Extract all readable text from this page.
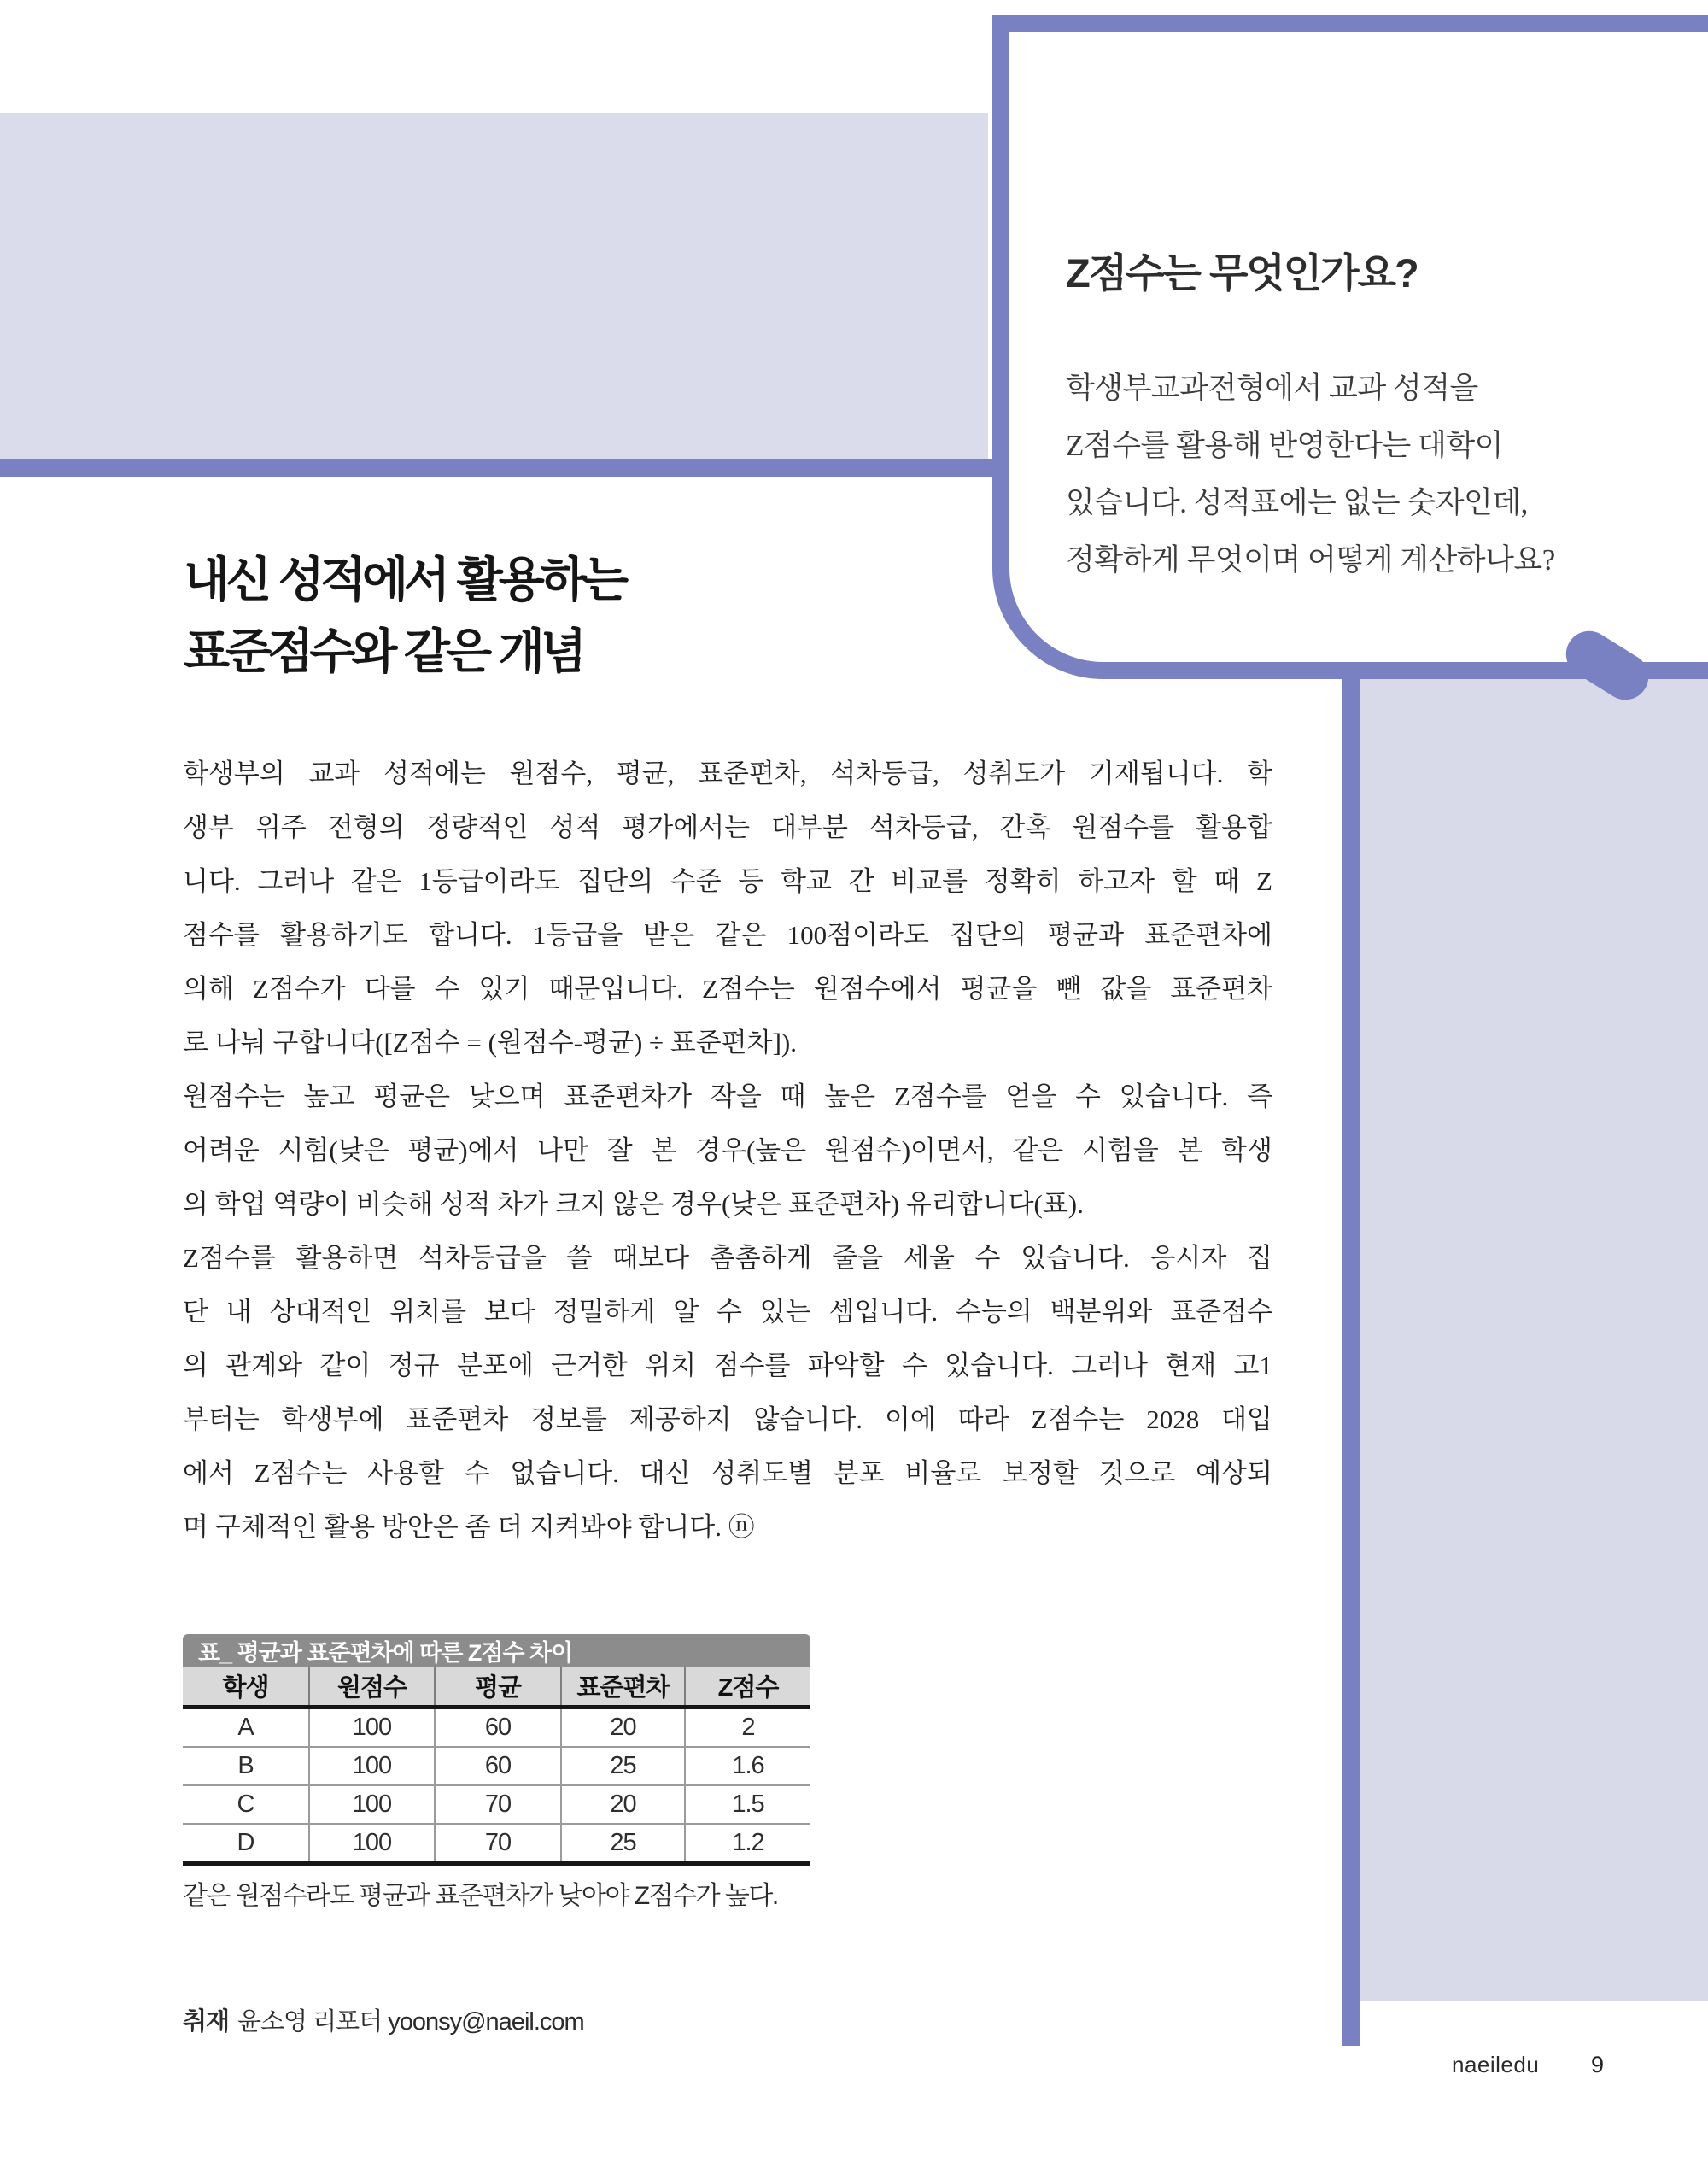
Z점수는 무엇인가요?
학생부교과전형에서 교과 성적을
Z점수를 활용해 반영한다는 대학이
있습니다. 성적표에는 없는 숫자인데,
정확하게 무엇이며 어떻게 계산하나요?
내신 성적에서 활용하는
표준점수와 같은 개념
학생부의 교과 성적에는 원점수, 평균, 표준편차, 석차등급, 성취도가 기재됩니다. 학
생부 위주 전형의 정량적인 성적 평가에서는 대부분 석차등급, 간혹 원점수를 활용합
니다. 그러나 같은 1등급이라도 집단의 수준 등 학교 간 비교를 정확히 하고자 할 때 Z
점수를 활용하기도 합니다. 1등급을 받은 같은 100점이라도 집단의 평균과 표준편차에
의해 Z점수가 다를 수 있기 때문입니다. Z점수는 원점수에서 평균을 뺀 값을 표준편차
로 나눠 구합니다([Z점수 = (원점수-평균) ÷ 표준편차]).
원점수는 높고 평균은 낮으며 표준편차가 작을 때 높은 Z점수를 얻을 수 있습니다. 즉
어려운 시험(낮은 평균)에서 나만 잘 본 경우(높은 원점수)이면서, 같은 시험을 본 학생
의 학업 역량이 비슷해 성적 차가 크지 않은 경우(낮은 표준편차) 유리합니다(표).
Z점수를 활용하면 석차등급을 쓸 때보다 촘촘하게 줄을 세울 수 있습니다. 응시자 집
단 내 상대적인 위치를 보다 정밀하게 알 수 있는 셈입니다. 수능의 백분위와 표준점수
의 관계와 같이 정규 분포에 근거한 위치 점수를 파악할 수 있습니다. 그러나 현재 고1
부터는 학생부에 표준편차 정보를 제공하지 않습니다. 이에 따라 Z점수는 2028 대입
에서 Z점수는 사용할 수 없습니다. 대신 성취도별 분포 비율로 보정할 것으로 예상되
며 구체적인 활용 방안은 좀 더 지켜봐야 합니다. ⓝ
표_ 평균과 표준편차에 따른 Z점수 차이
학생	원점수	평균	표준편차	Z점수
A	100	60	20	2
B	100	60	25	1.6
C	100	70	20	1.5
D	100	70	25	1.2
같은 원점수라도 평균과 표준편차가 낮아야 Z점수가 높다.
취재 윤소영 리포터 yoonsy@naeil.com
naeiledu 9
